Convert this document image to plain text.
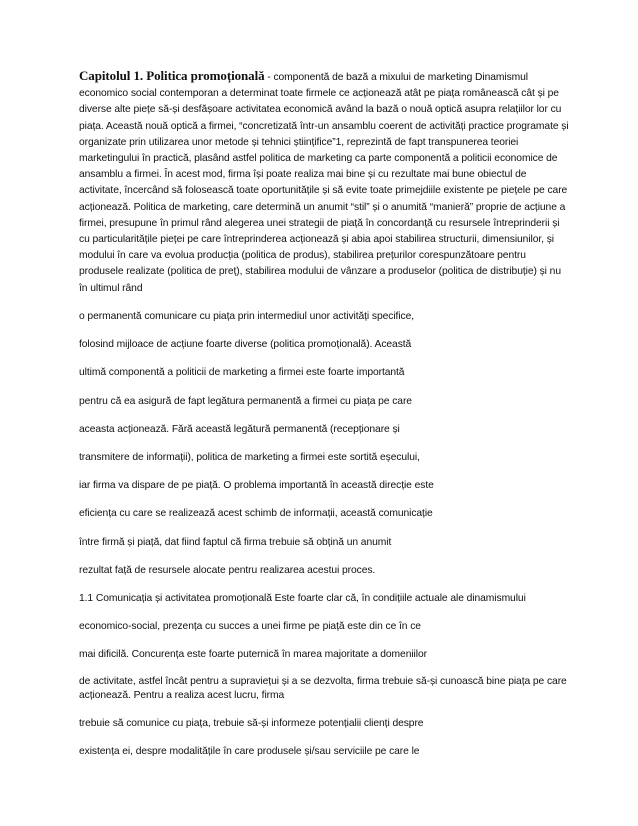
Capitolul 1. Politica promoțională - componentă de bază a mixului de marketing Dinamismul economico social contemporan a determinat toate firmele ce acționează atât pe piața românească cât și pe diverse alte piețe să-și desfășoare activitatea economică având la bază o nouă optică asupra relațiilor lor cu piața. Această nouă optică a firmei, “concretizată într-un ansamblu coerent de activități practice programate și organizate prin utilizarea unor metode și tehnici științifice”1, reprezintă de fapt transpunerea teoriei marketingului în practică, plasând astfel politica de marketing ca parte componentă a politicii economice de ansamblu a firmei. În acest mod, firma își poate realiza mai bine și cu rezultate mai bune obiectul de activitate, încercând să folosească toate oportunitățile și să evite toate primejdiile existente pe piețele pe care acționează. Politica de marketing, care determină un anumit “stil” și o anumită “manieră” proprie de acțiune a firmei, presupune în primul rând alegerea unei strategii de piață în concordanță cu resursele întreprinderii și cu particularitățile pieței pe care întreprinderea acționează și abia apoi stabilirea structurii, dimensiunilor, și modului în care va evolua producția (politica de produs), stabilirea prețurilor corespunzătoare pentru produsele realizate (politica de preț), stabilirea modului de vânzare a produselor (politica de distribuție) și nu în ultimul rând

o permanentă comunicare cu piața prin intermediul unor activități specifice,

folosind mijloace de acțiune foarte diverse (politica promoțională). Această

ultimă componentă a politicii de marketing a firmei este foarte importantă

pentru că ea asigură de fapt legătura permanentă a firmei cu piața pe care

aceasta acționează. Fără această legătură permanentă (recepționare și

transmitere de informații), politica de marketing a firmei este sortită eșecului,

iar firma va dispare de pe piață. O problema importantă în această direcție este

eficiența cu care se realizează acest schimb de informații, această comunicație

între firmă și piață, dat fiind faptul că firma trebuie să obțină un anumit

rezultat față de resursele alocate pentru realizarea acestui proces.

1.1 Comunicația și activitatea promoțională Este foarte clar că, în condițiile actuale ale dinamismului

economico-social, prezența cu succes a unei firme pe piață este din ce în ce

mai dificilă. Concurența este foarte puternică în marea majoritate a domeniilor

de activitate, astfel încât pentru a supraviețui și a se dezvolta, firma trebuie să-și cunoască bine piața pe care acționează. Pentru a realiza acest lucru, firma

trebuie să comunice cu piața, trebuie să-și informeze potențialii clienți despre

existența ei, despre modalitățile în care produsele și/sau serviciile pe care le
